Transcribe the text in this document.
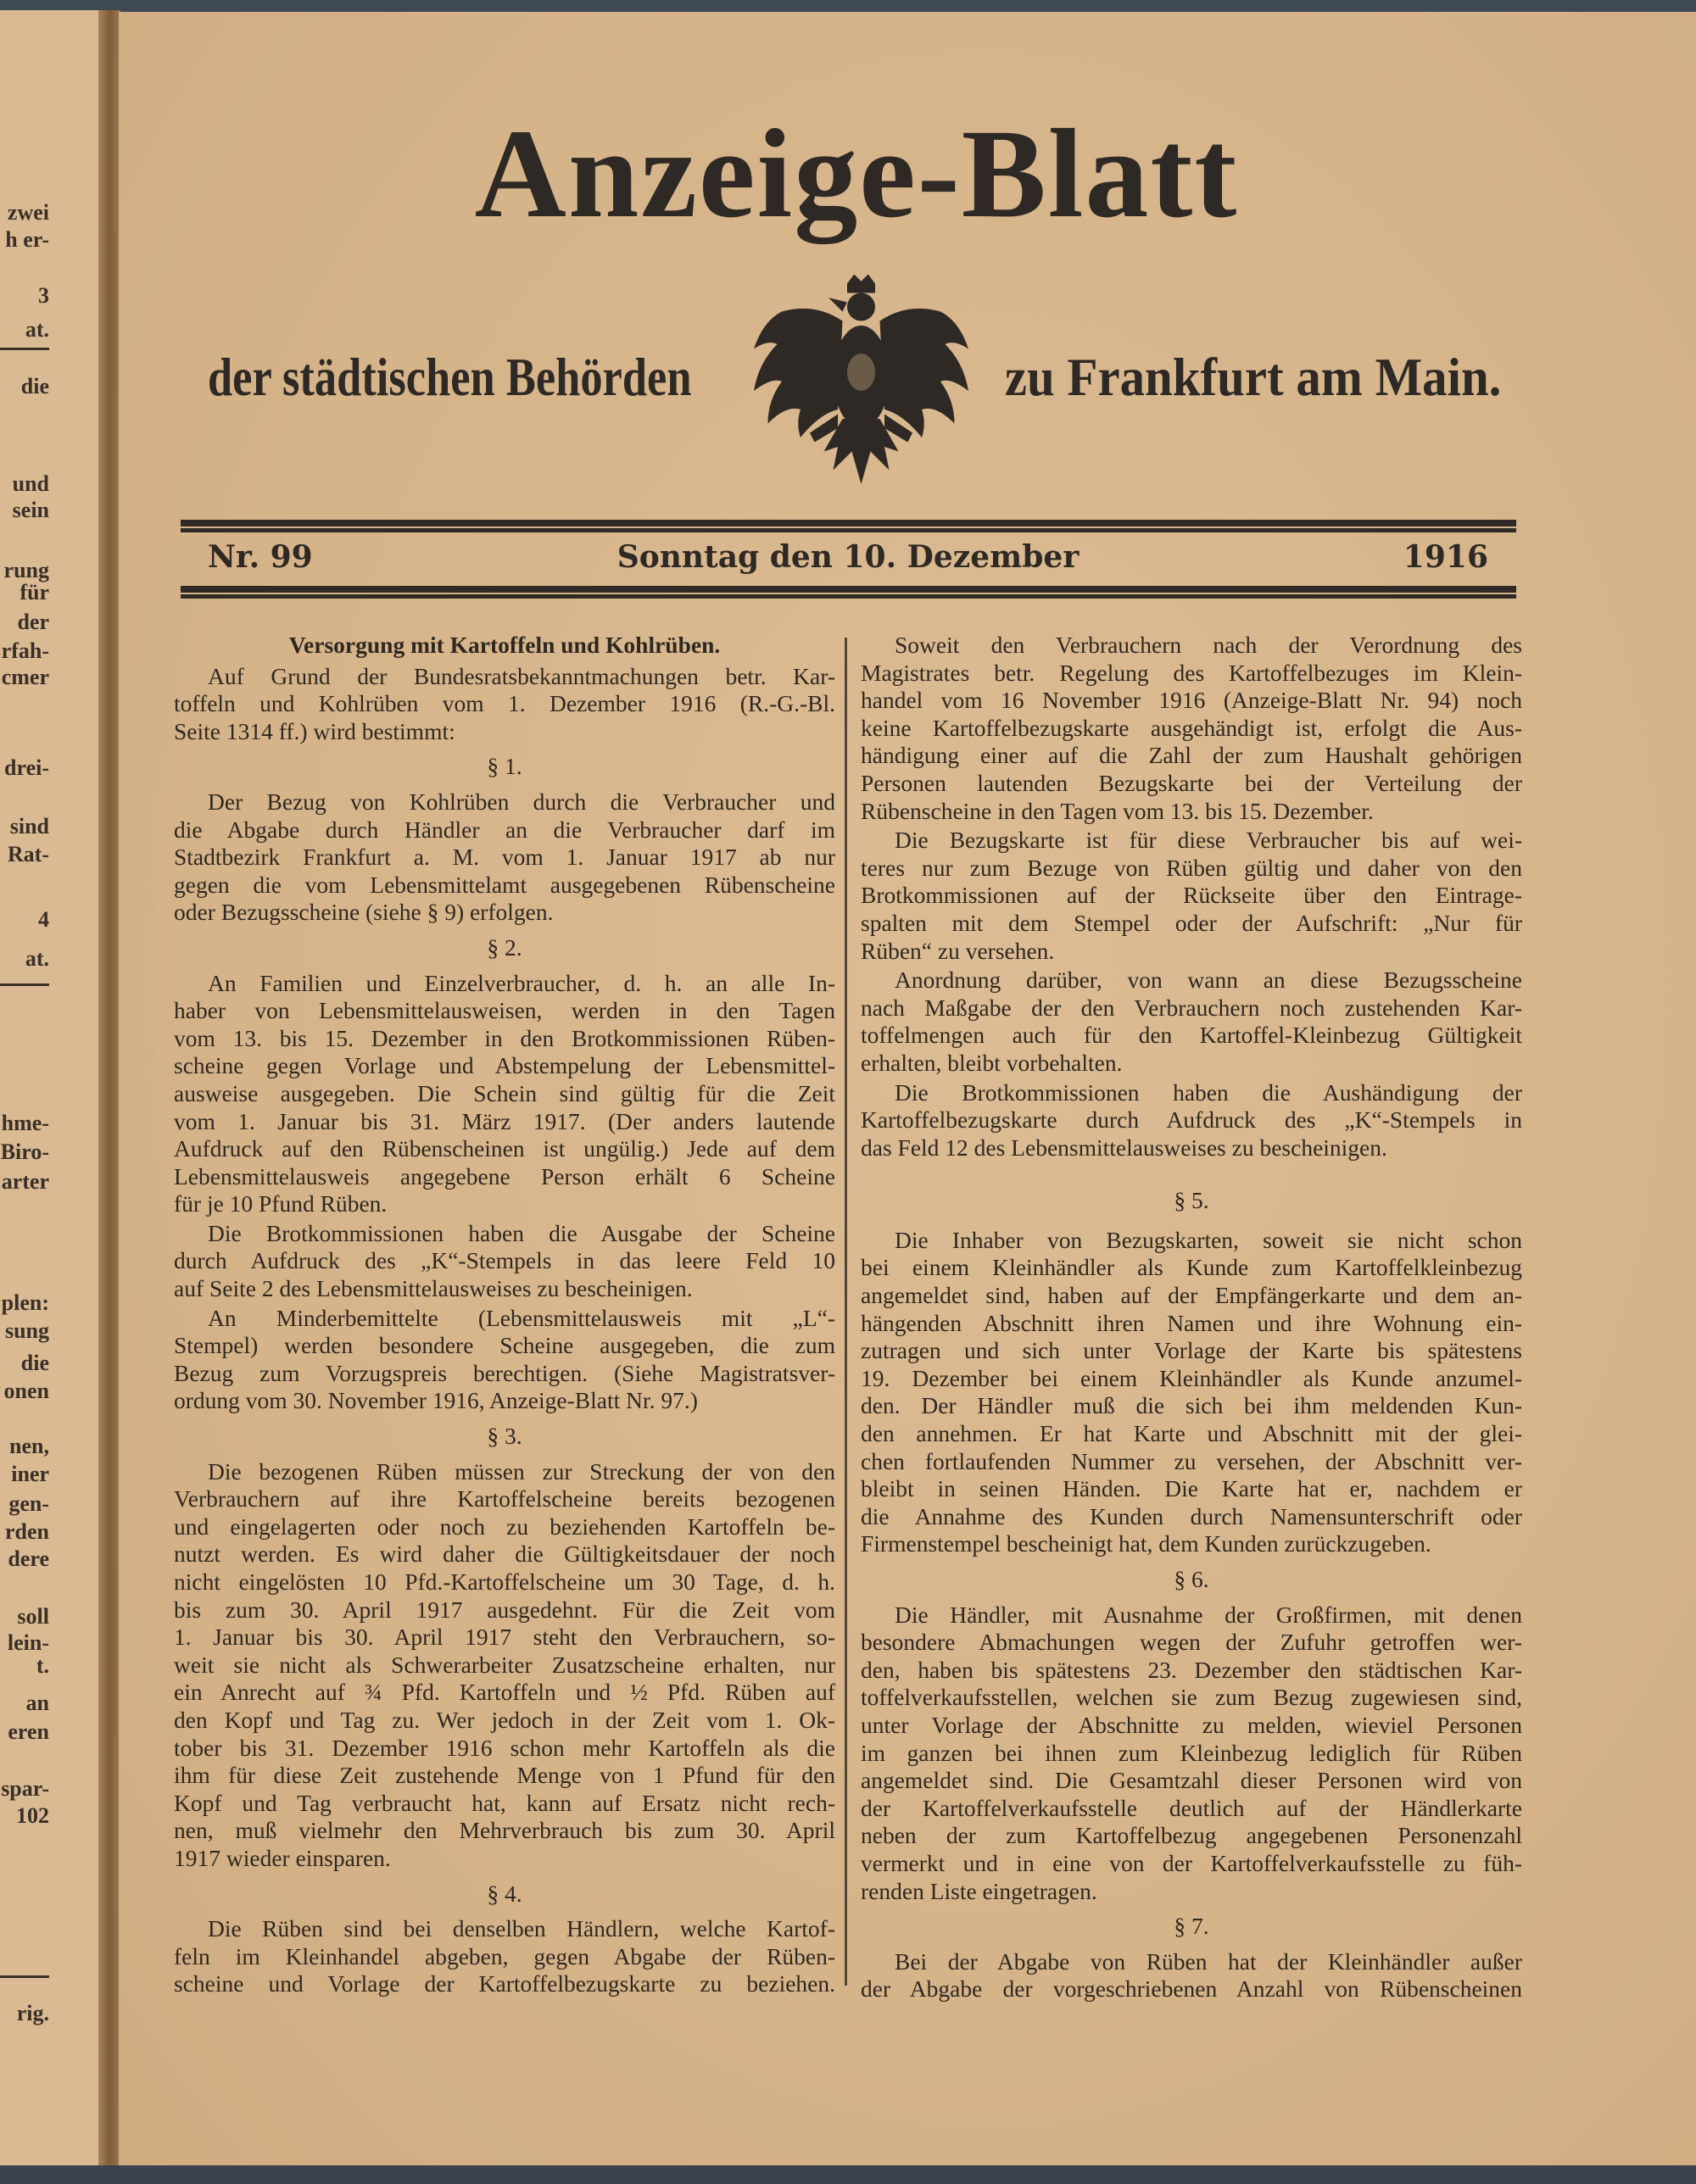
Anzeige-Blatt
der städtischen Behörden	zu Frankfurt am Main.
Nr. 99	Sonntag den 10. Dezember	1916
Versorgung mit Kartoffeln und Kohlrüben.
Auf Grund der Bundesratsbekanntmachungen betr. Kar-
toffeln und Kohlrüben vom 1. Dezember 1916 (R.-G.-Bl.
Seite 1314 ff.) wird bestimmt:
§ 1.
Der Bezug von Kohlrüben durch die Verbraucher und
die Abgabe durch Händler an die Verbraucher darf im
Stadtbezirk Frankfurt a. M. vom 1. Januar 1917 ab nur
gegen die vom Lebensmittelamt ausgegebenen Rübenscheine
oder Bezugsscheine (siehe § 9) erfolgen.
§ 2.
An Familien und Einzelverbraucher, d. h. an alle In-
haber von Lebensmittelausweisen, werden in den Tagen
vom 13. bis 15. Dezember in den Brotkommissionen Rüben-
scheine gegen Vorlage und Abstempelung der Lebensmittel-
ausweise ausgegeben. Die Schein sind gültig für die Zeit
vom 1. Januar bis 31. März 1917. (Der anders lautende
Aufdruck auf den Rübenscheinen ist ungülig.) Jede auf dem
Lebensmittelausweis angegebene Person erhält 6 Scheine
für je 10 Pfund Rüben.
Die Brotkommissionen haben die Ausgabe der Scheine
durch Aufdruck des „K“-Stempels in das leere Feld 10
auf Seite 2 des Lebensmittelausweises zu bescheinigen.
An Minderbemittelte (Lebensmittelausweis mit „L“-
Stempel) werden besondere Scheine ausgegeben, die zum
Bezug zum Vorzugspreis berechtigen. (Siehe Magistratsver-
ordung vom 30. November 1916, Anzeige-Blatt Nr. 97.)
§ 3.
Die bezogenen Rüben müssen zur Streckung der von den
Verbrauchern auf ihre Kartoffelscheine bereits bezogenen
und eingelagerten oder noch zu beziehenden Kartoffeln be-
nutzt werden. Es wird daher die Gültigkeitsdauer der noch
nicht eingelösten 10 Pfd.-Kartoffelscheine um 30 Tage, d. h.
bis zum 30. April 1917 ausgedehnt. Für die Zeit vom
1. Januar bis 30. April 1917 steht den Verbrauchern, so-
weit sie nicht als Schwerarbeiter Zusatzscheine erhalten, nur
ein Anrecht auf ¾ Pfd. Kartoffeln und ½ Pfd. Rüben auf
den Kopf und Tag zu. Wer jedoch in der Zeit vom 1. Ok-
tober bis 31. Dezember 1916 schon mehr Kartoffeln als die
ihm für diese Zeit zustehende Menge von 1 Pfund für den
Kopf und Tag verbraucht hat, kann auf Ersatz nicht rech-
nen, muß vielmehr den Mehrverbrauch bis zum 30. April
1917 wieder einsparen.
§ 4.
Die Rüben sind bei denselben Händlern, welche Kartof-
feln im Kleinhandel abgeben, gegen Abgabe der Rüben-
scheine und Vorlage der Kartoffelbezugskarte zu beziehen.
Soweit den Verbrauchern nach der Verordnung des
Magistrates betr. Regelung des Kartoffelbezuges im Klein-
handel vom 16 November 1916 (Anzeige-Blatt Nr. 94) noch
keine Kartoffelbezugskarte ausgehändigt ist, erfolgt die Aus-
händigung einer auf die Zahl der zum Haushalt gehörigen
Personen lautenden Bezugskarte bei der Verteilung der
Rübenscheine in den Tagen vom 13. bis 15. Dezember.
Die Bezugskarte ist für diese Verbraucher bis auf wei-
teres nur zum Bezuge von Rüben gültig und daher von den
Brotkommissionen auf der Rückseite über den Eintrage-
spalten mit dem Stempel oder der Aufschrift: „Nur für
Rüben“ zu versehen.
Anordnung darüber, von wann an diese Bezugsscheine
nach Maßgabe der den Verbrauchern noch zustehenden Kar-
toffelmengen auch für den Kartoffel-Kleinbezug Gültigkeit
erhalten, bleibt vorbehalten.
Die Brotkommissionen haben die Aushändigung der
Kartoffelbezugskarte durch Aufdruck des „K“-Stempels in
das Feld 12 des Lebensmittelausweises zu bescheinigen.
§ 5.
Die Inhaber von Bezugskarten, soweit sie nicht schon
bei einem Kleinhändler als Kunde zum Kartoffelkleinbezug
angemeldet sind, haben auf der Empfängerkarte und dem an-
hängenden Abschnitt ihren Namen und ihre Wohnung ein-
zutragen und sich unter Vorlage der Karte bis spätestens
19. Dezember bei einem Kleinhändler als Kunde anzumel-
den. Der Händler muß die sich bei ihm meldenden Kun-
den annehmen. Er hat Karte und Abschnitt mit der glei-
chen fortlaufenden Nummer zu versehen, der Abschnitt ver-
bleibt in seinen Händen. Die Karte hat er, nachdem er
die Annahme des Kunden durch Namensunterschrift oder
Firmenstempel bescheinigt hat, dem Kunden zurückzugeben.
§ 6.
Die Händler, mit Ausnahme der Großfirmen, mit denen
besondere Abmachungen wegen der Zufuhr getroffen wer-
den, haben bis spätestens 23. Dezember den städtischen Kar-
toffelverkaufsstellen, welchen sie zum Bezug zugewiesen sind,
unter Vorlage der Abschnitte zu melden, wieviel Personen
im ganzen bei ihnen zum Kleinbezug lediglich für Rüben
angemeldet sind. Die Gesamtzahl dieser Personen wird von
der Kartoffelverkaufsstelle deutlich auf der Händlerkarte
neben der zum Kartoffelbezug angegebenen Personenzahl
vermerkt und in eine von der Kartoffelverkaufsstelle zu füh-
renden Liste eingetragen.
§ 7.
Bei der Abgabe von Rüben hat der Kleinhändler außer
der Abgabe der vorgeschriebenen Anzahl von Rübenscheinen
zwei
h er-
3
at.
die
und
sein
rung
für
der
rfah-
cmer
drei-
sind
Rat-
4
at.
hme-
Biro-
arter
plen:
sung
die
onen
nen,
iner
gen-
rden
dere
soll
lein-
t.
an
eren
spar-
102
rig.
